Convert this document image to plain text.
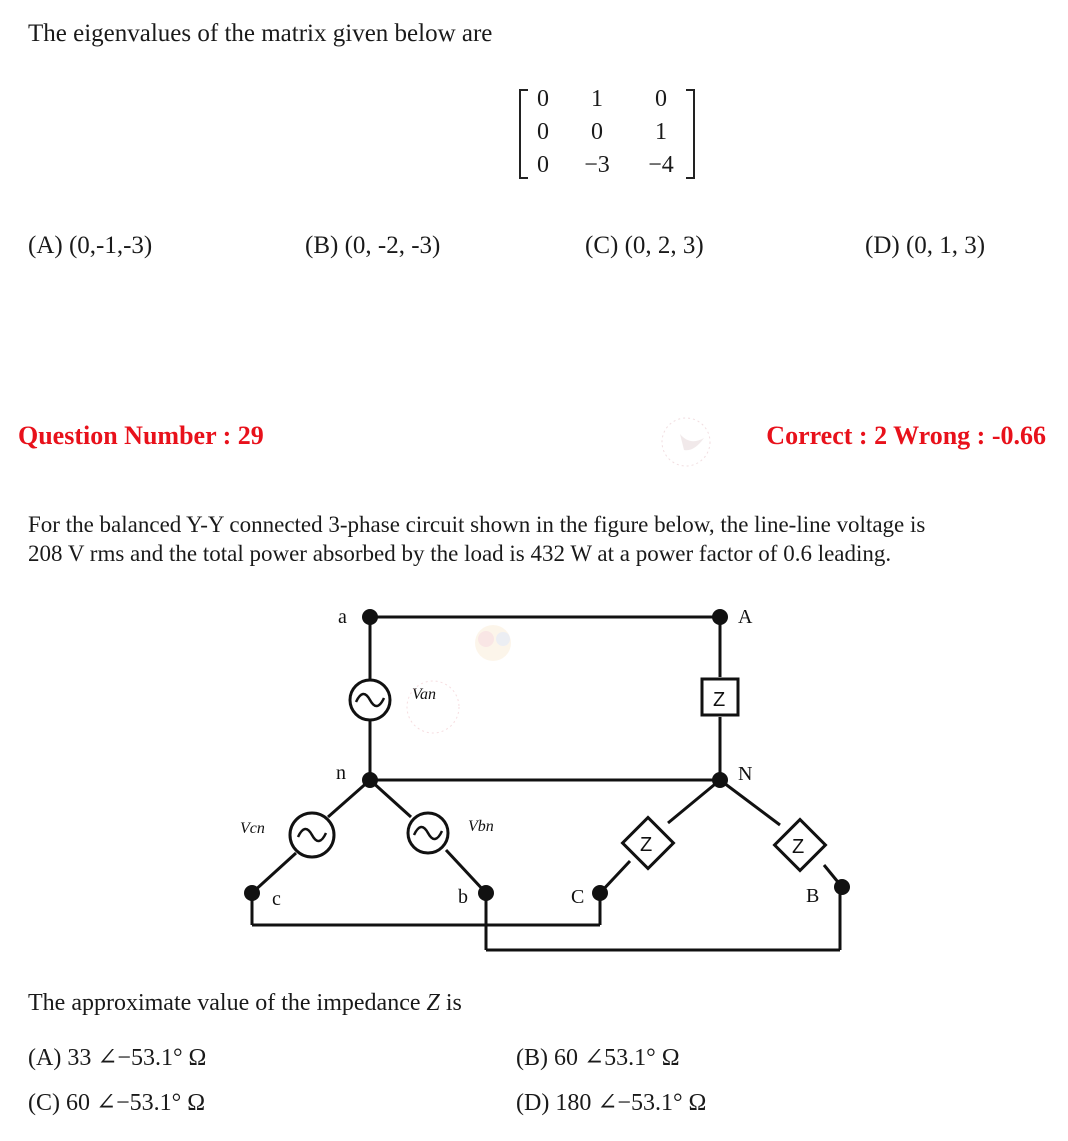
The eigenvalues of the matrix given below are
0	1	0
0	0	1
0	−3	−4
(A) (0,-1,-3)	(B) (0, -2, -3)	(C) (0, 2, 3)	(D) (0, 1, 3)
Question Number : 29	Correct : 2 Wrong : -0.66
For the balanced Y-Y connected 3-phase circuit shown in the figure below, the line-line voltage is
208 V rms and the total power absorbed by the load is 432 W at a power factor of 0.6 leading.
a	A
n	N
c	b	C	B
Z
Z	Z
Van
Vcn	Vbn
The approximate value of the impedance Z is
(A) 33 ∠−53.1° Ω	(B) 60 ∠53.1° Ω
(C) 60 ∠−53.1° Ω	(D) 180 ∠−53.1° Ω
